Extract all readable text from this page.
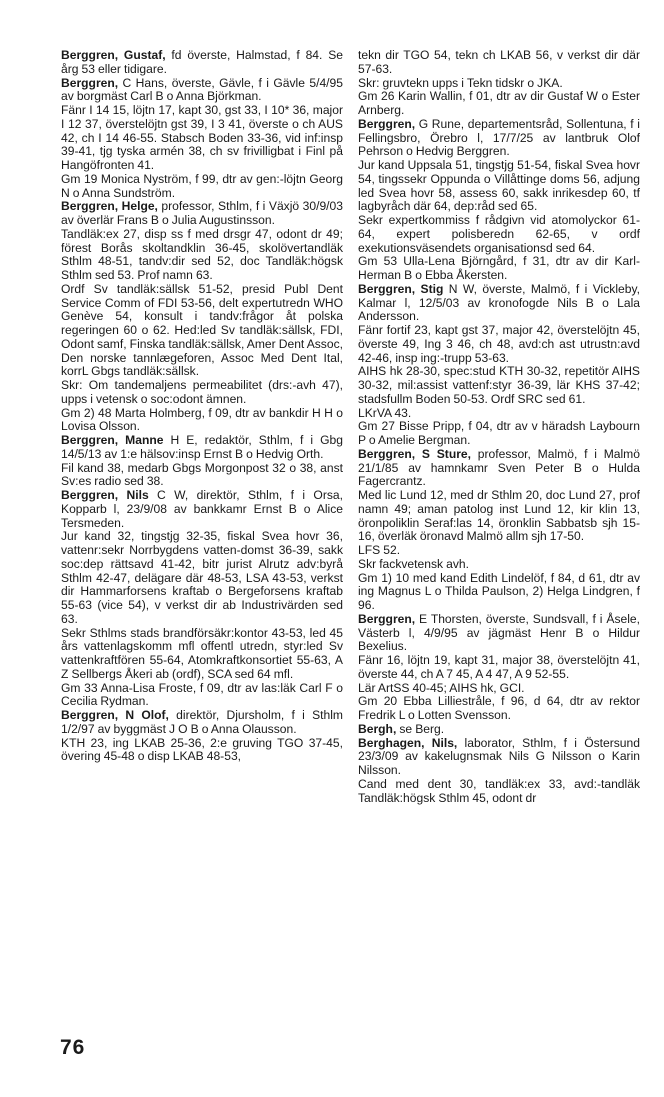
Berggren, Gustaf, fd överste, Halmstad, f 84. Se årg 53 eller tidigare.

Berggren, C Hans, överste, Gävle, f i Gävle 5/4/95 av borgmäst Carl B o Anna Björkman.

Fänr I 14 15, löjtn 17, kapt 30, gst 33, I 10* 36, major I 12 37, överstelöjtn gst 39, I 3 41, överste o ch AUS 42, ch I 14 46-55. Stabsch Boden 33-36, vid inf:insp 39-41, tjg tyska armén 38, ch sv frivilligbat i Finl på Hangöfronten 41.

Gm 19 Monica Nyström, f 99, dtr av gen:-löjtn Georg N o Anna Sundström.

Berggren, Helge, professor, Sthlm, f i Växjö 30/9/03 av överlär Frans B o Julia Augustinsson.

Tandläk:ex 27, disp ss f med drsgr 47, odont dr 49; förest Borås skoltandklin 36-45, skolövertandläk Sthlm 48-51, tandv:dir sed 52, doc Tandläk:högsk Sthlm sed 53. Prof namn 63.

Ordf Sv tandläk:sällsk 51-52, presid Publ Dent Service Comm of FDI 53-56, delt expertutredn WHO Genève 54, konsult i tandv:frågor åt polska regeringen 60 o 62. Hed:led Sv tandläk:sällsk, FDI, Odont samf, Finska tandläk:sällsk, Amer Dent Assoc, Den norske tannlægeforen, Assoc Med Dent Ital, korrL Gbgs tandläk:sällsk.

Skr: Om tandemaljens permeabilitet (drs:-avh 47), upps i vetensk o soc:odont ämnen.

Gm 2) 48 Marta Holmberg, f 09, dtr av bankdir H H o Lovisa Olsson.

Berggren, Manne H E, redaktör, Sthlm, f i Gbg 14/5/13 av 1:e hälsov:insp Ernst B o Hedvig Orth.

Fil kand 38, medarb Gbgs Morgonpost 32 o 38, anst Sv:es radio sed 38.

Berggren, Nils C W, direktör, Sthlm, f i Orsa, Kopparb l, 23/9/08 av bankkamr Ernst B o Alice Tersmeden.

Jur kand 32, tingstjg 32-35, fiskal Svea hovr 36, vattenr:sekr Norrbygdens vatten-domst 36-39, sakk soc:dep rättsavd 41-42, bitr jurist Alrutz adv:byrå Sthlm 42-47, delägare där 48-53, LSA 43-53, verkst dir Hammarforsens kraftab o Bergeforsens kraftab 55-63 (vice 54), v verkst dir ab Industrivärden sed 63.

Sekr Sthlms stads brandförsäkr:kontor 43-53, led 45 års vattenlagskomm mfl offentl utredn, styr:led Sv vattenkraftfören 55-64, Atomkraftkonsortiet 55-63, A Z Sellbergs Åkeri ab (ordf), SCA sed 64 mfl.

Gm 33 Anna-Lisa Froste, f 09, dtr av las:läk Carl F o Cecilia Rydman.

Berggren, N Olof, direktör, Djursholm, f i Sthlm 1/2/97 av byggmäst J O B o Anna Olausson.

KTH 23, ing LKAB 25-36, 2:e gruving TGO 37-45, övering 45-48 o disp LKAB 48-53,

tekn dir TGO 54, tekn ch LKAB 56, v verkst dir där 57-63.

Skr: gruvtekn upps i Tekn tidskr o JKA.

Gm 26 Karin Wallin, f 01, dtr av dir Gustaf W o Ester Arnberg.

Berggren, G Rune, departementsråd, Sollentuna, f i Fellingsbro, Örebro l, 17/7/25 av lantbruk Olof Pehrson o Hedvig Berggren.

Jur kand Uppsala 51, tingstjg 51-54, fiskal Svea hovr 54, tingssekr Oppunda o Villåttinge doms 56, adjung led Svea hovr 58, assess 60, sakk inrikesdep 60, tf lagbyråch där 64, dep:råd sed 65.

Sekr expertkommiss f rådgivn vid atomolyckor 61-64, expert polisberedn 62-65, v ordf exekutionsväsendets organisationsd sed 64.

Gm 53 Ulla-Lena Björngård, f 31, dtr av dir Karl-Herman B o Ebba Åkersten.

Berggren, Stig N W, överste, Malmö, f i Vickleby, Kalmar l, 12/5/03 av kronofogde Nils B o Lala Andersson.

Fänr fortif 23, kapt gst 37, major 42, överstelöjtn 45, överste 49, Ing 3 46, ch 48, avd:ch ast utrustn:avd 42-46, insp ing:-trupp 53-63.

AIHS hk 28-30, spec:stud KTH 30-32, repetitör AIHS 30-32, mil:assist vattenf:styr 36-39, lär KHS 37-42; stadsfullm Boden 50-53. Ordf SRC sed 61.

LKrVA 43.

Gm 27 Bisse Pripp, f 04, dtr av v häradsh Laybourn P o Amelie Bergman.

Berggren, S Sture, professor, Malmö, f i Malmö 21/1/85 av hamnkamr Sven Peter B o Hulda Fagercrantz.

Med lic Lund 12, med dr Sthlm 20, doc Lund 27, prof namn 49; aman patolog inst Lund 12, kir klin 13, öronpoliklin Seraf:las 14, öronklin Sabbatsb sjh 15-16, överläk öronavd Malmö allm sjh 17-50.

LFS 52.

Skr fackvetensk avh.

Gm 1) 10 med kand Edith Lindelöf, f 84, d 61, dtr av ing Magnus L o Thilda Paulson, 2) Helga Lindgren, f 96.

Berggren, E Thorsten, överste, Sundsvall, f i Åsele, Västerb l, 4/9/95 av jägmäst Henr B o Hildur Bexelius.

Fänr 16, löjtn 19, kapt 31, major 38, överstelöjtn 41, överste 44, ch A 7 45, A 4 47, A 9 52-55.

Lär ArtSS 40-45; AIHS hk, GCI.

Gm 20 Ebba Lilliestråle, f 96, d 64, dtr av rektor Fredrik L o Lotten Svensson.

Bergh, se Berg.

Berghagen, Nils, laborator, Sthlm, f i Östersund 23/3/09 av kakelugnsmak Nils G Nilsson o Karin Nilsson.

Cand med dent 30, tandläk:ex 33, avd:-tandläk Tandläk:högsk Sthlm 45, odont dr

76
